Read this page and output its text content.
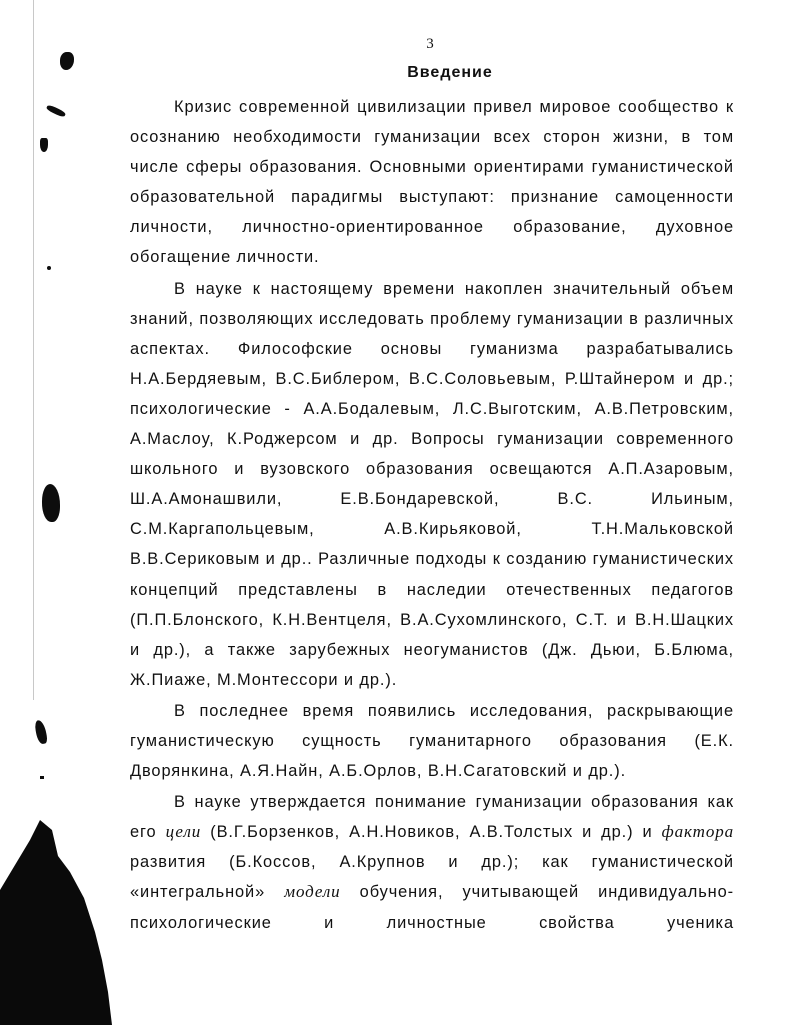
3
Введение

Кризис современной цивилизации привел мировое сообщество к осознанию необходимости гуманизации всех сторон жизни, в том числе сферы образования. Основными ориентирами гуманистической образовательной парадигмы выступают: признание самоценности личности, личностно-ориентированное образование, духовное обогащение личности.

В науке к настоящему времени накоплен значительный объем знаний, позволяющих исследовать проблему гуманизации в различных аспектах. Философские основы гуманизма разрабатывались Н.А.Бердяевым, В.С.Библером, В.С.Соловьевым, Р.Штайнером и др.; психологические - А.А.Бодалевым, Л.С.Выготским, А.В.Петровским, А.Маслоу, К.Роджерсом и др. Вопросы гуманизации современного школьного и вузовского образования освещаются А.П.Азаровым, Ш.А.Амонашвили, Е.В.Бондаревской, В.С. Ильиным, С.М.Каргапольцевым, А.В.Кирьяковой, Т.Н.Мальковской В.В.Сериковым и др.. Различные подходы к созданию гуманистических концепций представлены в наследии отечественных педагогов (П.П.Блонского, К.Н.Вентцеля, В.А.Сухомлинского, С.Т. и В.Н.Шацких и др.), а также зарубежных неогуманистов (Дж. Дьюи, Б.Блюма, Ж.Пиаже, М.Монтессори и др.).

В последнее время появились исследования, раскрывающие гуманистическую сущность гуманитарного образования (Е.К. Дворянкина, А.Я.Найн, А.Б.Орлов, В.Н.Сагатовский и др.).

В науке утверждается понимание гуманизации образования как его цели (В.Г.Борзенков, А.Н.Новиков, А.В.Толстых и др.) и фактора развития (Б.Коссов, А.Крупнов и др.); как гуманистической «интегральной» модели обучения, учитывающей индивидуально-психологические и личностные свойства ученика
